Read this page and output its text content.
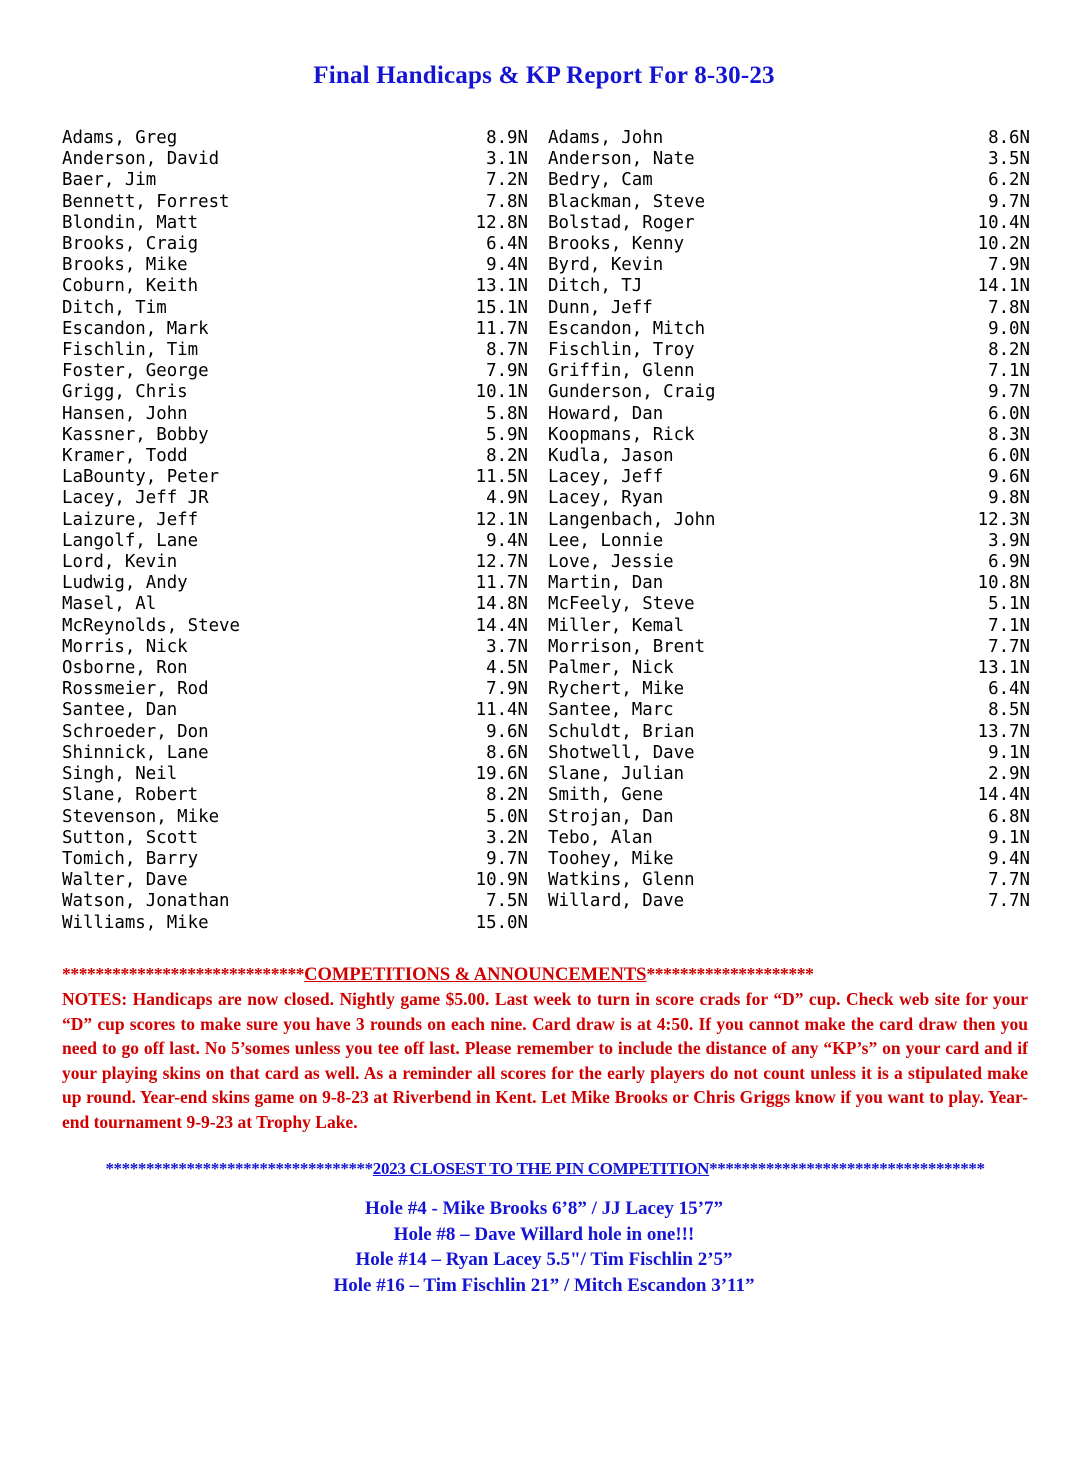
Final Handicaps & KP Report For 8-30-23
Adams, Greg	8.9N Adams, John	8.6N
Anderson, David	3.1N Anderson, Nate	3.5N
Baer, Jim	7.2N Bedry, Cam	6.2N
Bennett, Forrest	7.8N Blackman, Steve	9.7N
Blondin, Matt	12.8N Bolstad, Roger	10.4N
Brooks, Craig	6.4N Brooks, Kenny	10.2N
Brooks, Mike	9.4N Byrd, Kevin	7.9N
Coburn, Keith	13.1N Ditch, TJ	14.1N
Ditch, Tim	15.1N Dunn, Jeff	7.8N
Escandon, Mark	11.7N Escandon, Mitch	9.0N
Fischlin, Tim	8.7N Fischlin, Troy	8.2N
Foster, George	7.9N Griffin, Glenn	7.1N
Grigg, Chris	10.1N Gunderson, Craig	9.7N
Hansen, John	5.8N Howard, Dan	6.0N
Kassner, Bobby	5.9N Koopmans, Rick	8.3N
Kramer, Todd	8.2N Kudla, Jason	6.0N
LaBounty, Peter	11.5N Lacey, Jeff	9.6N
Lacey, Jeff JR	4.9N Lacey, Ryan	9.8N
Laizure, Jeff	12.1N Langenbach, John	12.3N
Langolf, Lane	9.4N Lee, Lonnie	3.9N
Lord, Kevin	12.7N Love, Jessie	6.9N
Ludwig, Andy	11.7N Martin, Dan	10.8N
Masel, Al	14.8N McFeely, Steve	5.1N
McReynolds, Steve	14.4N Miller, Kemal	7.1N
Morris, Nick	3.7N Morrison, Brent	7.7N
Osborne, Ron	4.5N Palmer, Nick	13.1N
Rossmeier, Rod	7.9N Rychert, Mike	6.4N
Santee, Dan	11.4N Santee, Marc	8.5N
Schroeder, Don	9.6N Schuldt, Brian	13.7N
Shinnick, Lane	8.6N Shotwell, Dave	9.1N
Singh, Neil	19.6N Slane, Julian	2.9N
Slane, Robert	8.2N Smith, Gene	14.4N
Stevenson, Mike	5.0N Strojan, Dan	6.8N
Sutton, Scott	3.2N Tebo, Alan	9.1N
Tomich, Barry	9.7N Toohey, Mike	9.4N
Walter, Dave	10.9N Watkins, Glenn	7.7N
Watson, Jonathan	7.5N Willard, Dave	7.7N
Williams, Mike	15.0N
*****************************COMPETITIONS & ANNOUNCEMENTS********************

NOTES: Handicaps are now closed. Nightly game $5.00. Last week to turn in score crads for “D” cup. Check web site for your “D” cup scores to make sure you have 3 rounds on each nine. Card draw is at 4:50. If you cannot make the card draw then you need to go off last. No 5’somes unless you tee off last. Please remember to include the distance of any “KP’s” on your card and if your playing skins on that card as well. As a reminder all scores for the early players do not count unless it is a stipulated make up round. Year-end skins game on 9-8-23 at Riverbend in Kent. Let Mike Brooks or Chris Griggs know if you want to play. Year-end tournament 9-9-23 at Trophy Lake.

*********************************2023 CLOSEST TO THE PIN COMPETITION**********************************
Hole #4 - Mike Brooks 6’8” / JJ Lacey 15’7”
Hole #8 – Dave Willard hole in one!!!
Hole #14 – Ryan Lacey 5.5"/ Tim Fischlin 2’5”
Hole #16 – Tim Fischlin 21” / Mitch Escandon 3’11”
